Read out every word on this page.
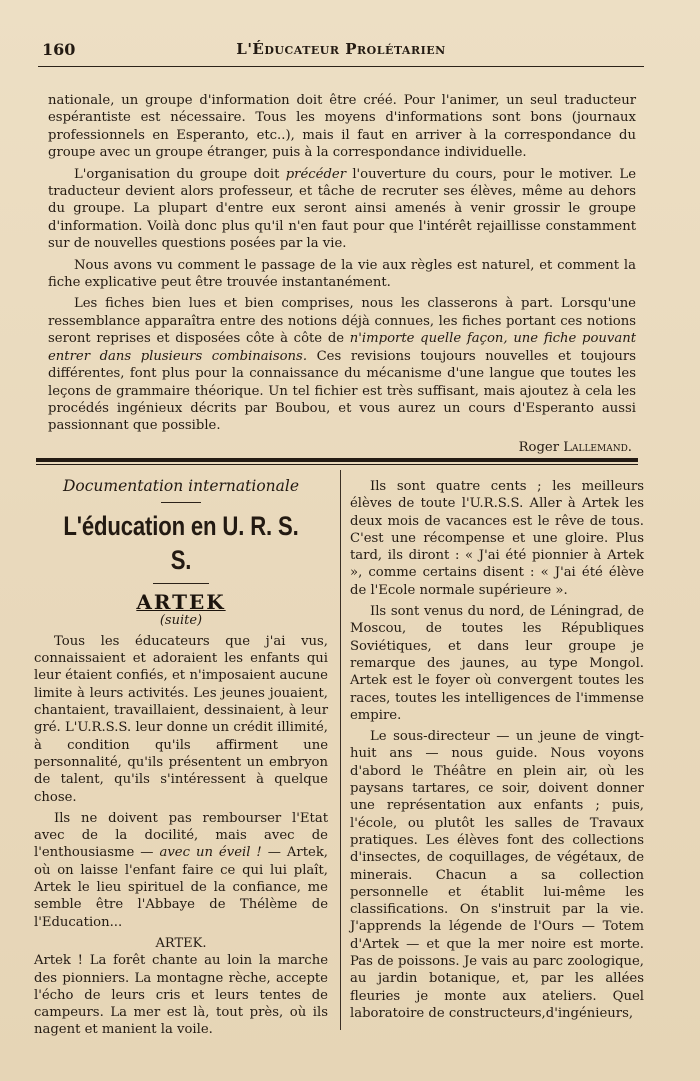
160	L'Éducateur Prolétarien

nationale, un groupe d'information doit être créé. Pour l'animer, un seul traducteur espérantiste est nécessaire. Tous les moyens d'informations sont bons (journaux professionnels en Esperanto, etc..), mais il faut en arriver à la correspondance du groupe avec un groupe étranger, puis à la correspondance individuelle.

L'organisation du groupe doit précéder l'ouverture du cours, pour le motiver. Le traducteur devient alors professeur, et tâche de recruter ses élèves, même au dehors du groupe. La plupart d'entre eux seront ainsi amenés à venir grossir le groupe d'information. Voilà donc plus qu'il n'en faut pour que l'intérêt rejaillisse constamment sur de nouvelles questions posées par la vie.

Nous avons vu comment le passage de la vie aux règles est naturel, et comment la fiche explicative peut être trouvée instantanément.

Les fiches bien lues et bien comprises, nous les classerons à part. Lorsqu'une ressemblance apparaîtra entre des notions déjà connues, les fiches portant ces notions seront reprises et disposées côte à côte de n'importe quelle façon, une fiche pouvant entrer dans plusieurs combinaisons. Ces revisions toujours nouvelles et toujours différentes, font plus pour la connaissance du mécanisme d'une langue que toutes les leçons de grammaire théorique. Un tel fichier est très suffisant, mais ajoutez à cela les procédés ingénieux décrits par Boubou, et vous aurez un cours d'Esperanto aussi passionnant que possible.

Roger Lallemand.

Documentation internationale

L'éducation en U. R. S. S.
ARTEK

(suite)

Tous les éducateurs que j'ai vus, connaissaient et adoraient les enfants qui leur étaient confiés, et n'imposaient aucune limite à leurs activités. Les jeunes jouaient, chantaient, travaillaient, dessinaient, à leur gré. L'U.R.S.S. leur donne un crédit illimité, à condition qu'ils affirment une personnalité, qu'ils présentent un embryon de talent, qu'ils s'intéressent à quelque chose.

Ils ne doivent pas rembourser l'Etat avec de la docilité, mais avec de l'enthousiasme — avec un éveil ! — Artek, où on laisse l'enfant faire ce qui lui plaît, Artek le lieu spirituel de la confiance, me semble être l'Abbaye de Thélème de l'Education...

ARTEK.

Artek ! La forêt chante au loin la marche des pionniers. La montagne rèche, accepte l'écho de leurs cris et leurs tentes de campeurs. La mer est là, tout près, où ils nagent et manient la voile.

Ils sont quatre cents ; les meilleurs élèves de toute l'U.R.S.S. Aller à Artek les deux mois de vacances est le rêve de tous. C'est une récompense et une gloire. Plus tard, ils diront : « J'ai été pionnier à Artek », comme certains disent : « J'ai été élève de l'Ecole normale supérieure ».

Ils sont venus du nord, de Léningrad, de Moscou, de toutes les Républiques Soviétiques, et dans leur groupe je remarque des jaunes, au type Mongol. Artek est le foyer où convergent toutes les races, toutes les intelligences de l'immense empire.

Le sous-directeur — un jeune de vingt-huit ans — nous guide. Nous voyons d'abord le Théâtre en plein air, où les paysans tartares, ce soir, doivent donner une représentation aux enfants ; puis, l'école, ou plutôt les salles de Travaux pratiques. Les élèves font des collections d'insectes, de coquillages, de végétaux, de minerais. Chacun a sa collection personnelle et établit lui-même les classifications. On s'instruit par la vie. J'apprends la légende de l'Ours — Totem d'Artek — et que la mer noire est morte. Pas de poissons. Je vais au parc zoologique, au jardin botanique, et, par les allées fleuries je monte aux ateliers. Quel laboratoire de constructeurs,d'ingénieurs,
